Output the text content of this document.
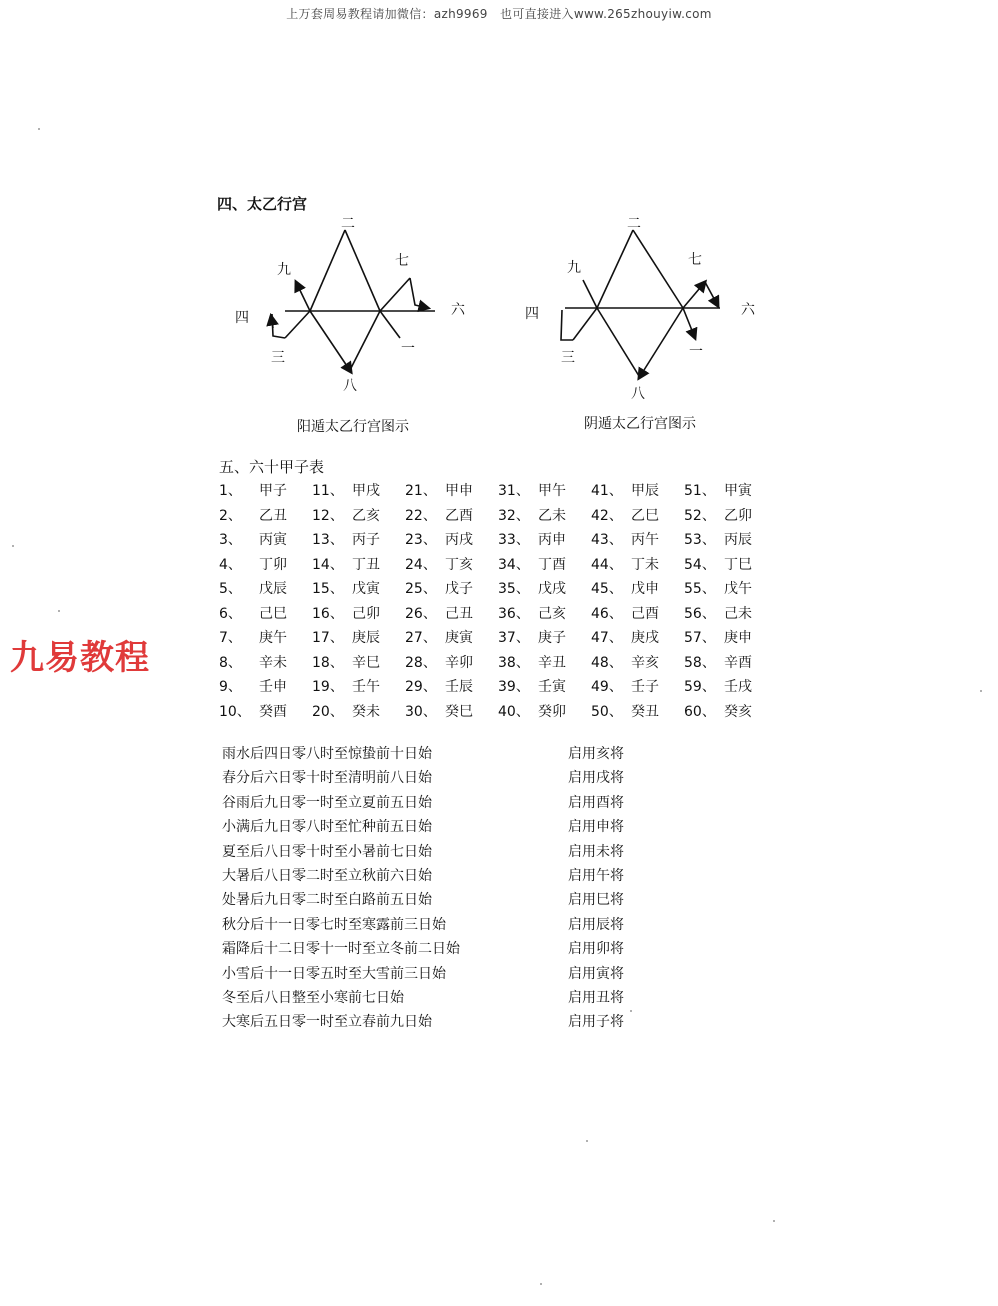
上万套周易教程请加微信：azh9969　也可直接进入www.265zhouyiw.com
四、太乙行宫
二
九
七
四	六
三
一
八
阳遁太乙行宫图示
二
九	七
四	六
三	一
八
阴遁太乙行宫图示
五、六十甲子表
1、	甲子	11、	甲戌	21、	甲申	31、	甲午	41、	甲辰	51、	甲寅
2、	乙丑	12、	乙亥	22、	乙酉	32、	乙未	42、	乙巳	52、	乙卯
3、	丙寅	13、	丙子	23、	丙戌	33、	丙申	43、	丙午	53、	丙辰
4、	丁卯	14、	丁丑	24、	丁亥	34、	丁酉	44、	丁未	54、	丁巳
5、	戊辰	15、	戊寅	25、	戊子	35、	戊戌	45、	戊申	55、	戊午
6、	己巳	16、	己卯	26、	己丑	36、	己亥	46、	己酉	56、	己未
7、	庚午	17、	庚辰	27、	庚寅	37、	庚子	47、	庚戌	57、	庚申
8、	辛未	18、	辛巳	28、	辛卯	38、	辛丑	48、	辛亥	58、	辛酉
9、	壬申	19、	壬午	29、	壬辰	39、	壬寅	49、	壬子	59、	壬戌
10、	癸酉	20、	癸未	30、	癸巳	40、	癸卯	50、	癸丑	60、	癸亥
雨水后四日零八时至惊蛰前十日始	启用亥将
春分后六日零十时至清明前八日始	启用戌将
谷雨后九日零一时至立夏前五日始	启用酉将
小满后九日零八时至忙种前五日始	启用申将
夏至后八日零十时至小暑前七日始	启用未将
大暑后八日零二时至立秋前六日始	启用午将
处暑后九日零二时至白路前五日始	启用巳将
秋分后十一日零七时至寒露前三日始	启用辰将
霜降后十二日零十一时至立冬前二日始	启用卯将
小雪后十一日零五时至大雪前三日始	启用寅将
冬至后八日整至小寒前七日始	启用丑将
大寒后五日零一时至立春前九日始	启用子将
九易教程
